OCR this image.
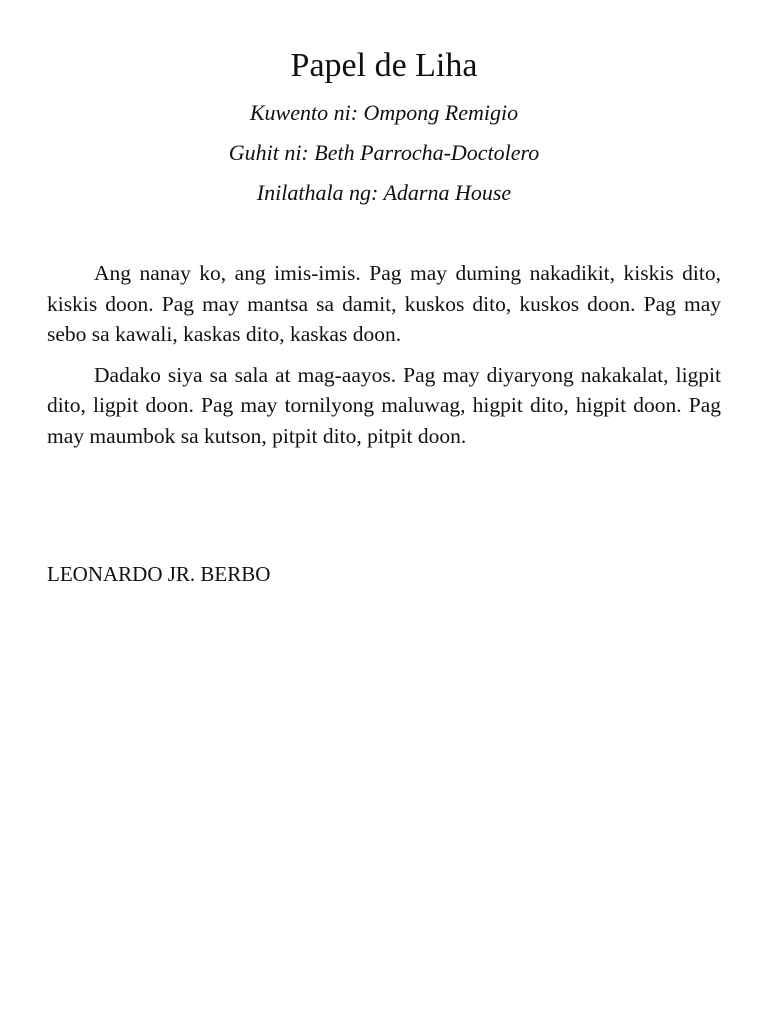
Papel de Liha

Kuwento ni: Ompong Remigio

Guhit ni: Beth Parrocha-Doctolero

Inilathala ng: Adarna House

Ang nanay ko, ang imis-imis. Pag may duming nakadikit, kiskis dito, kiskis doon. Pag may mantsa sa damit, kuskos dito, kuskos doon. Pag may sebo sa kawali, kaskas dito, kaskas doon.

Dadako siya sa sala at mag-aayos. Pag may diyaryong nakakalat, ligpit dito, ligpit doon. Pag may tornilyong maluwag, higpit dito, higpit doon. Pag may maumbok sa kutson, pitpit dito, pitpit doon.

LEONARDO JR. BERBO
